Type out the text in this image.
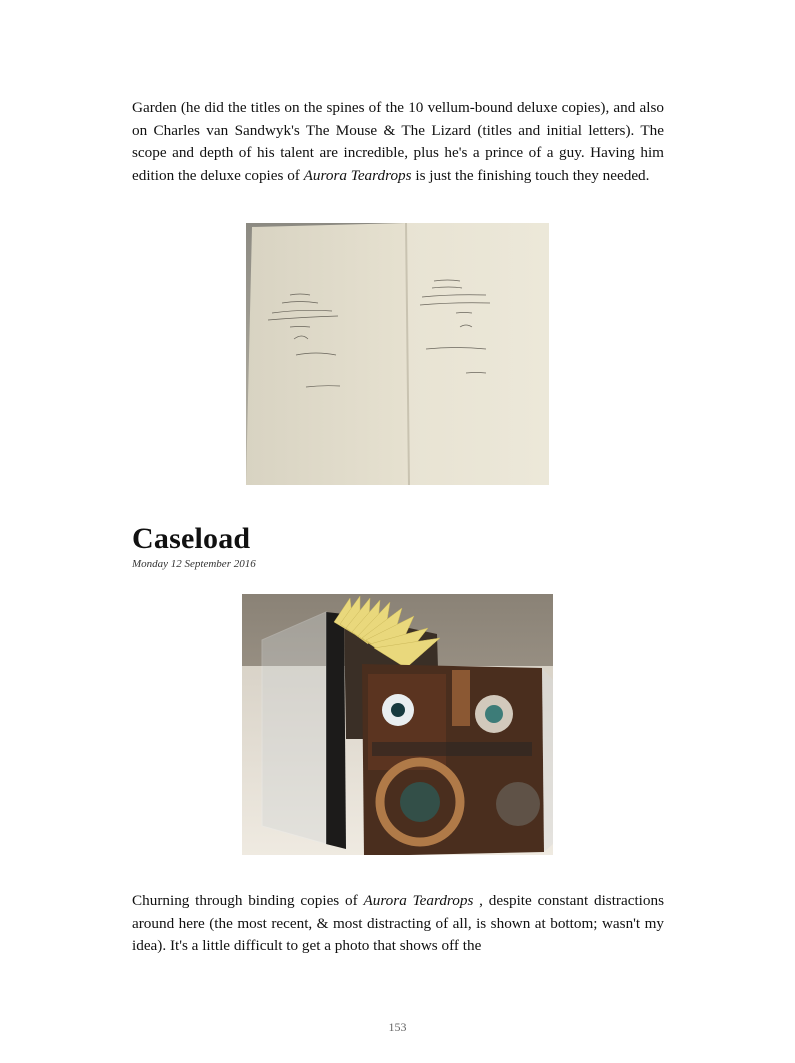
Garden (he did the titles on the spines of the 10 vellum-bound deluxe copies), and also on Charles van Sandwyk's The Mouse & The Lizard (titles and initial letters). The scope and depth of his talent are incredible, plus he's a prince of a guy. Having him edition the deluxe copies of Aurora Teardrops is just the finishing touch they needed.

Caseload
Monday 12 September 2016

Churning through binding copies of Aurora Teardrops , despite constant distractions around here (the most recent, & most distracting of all, is shown at bottom; wasn't my idea). It's a little difficult to get a photo that shows off the

153
